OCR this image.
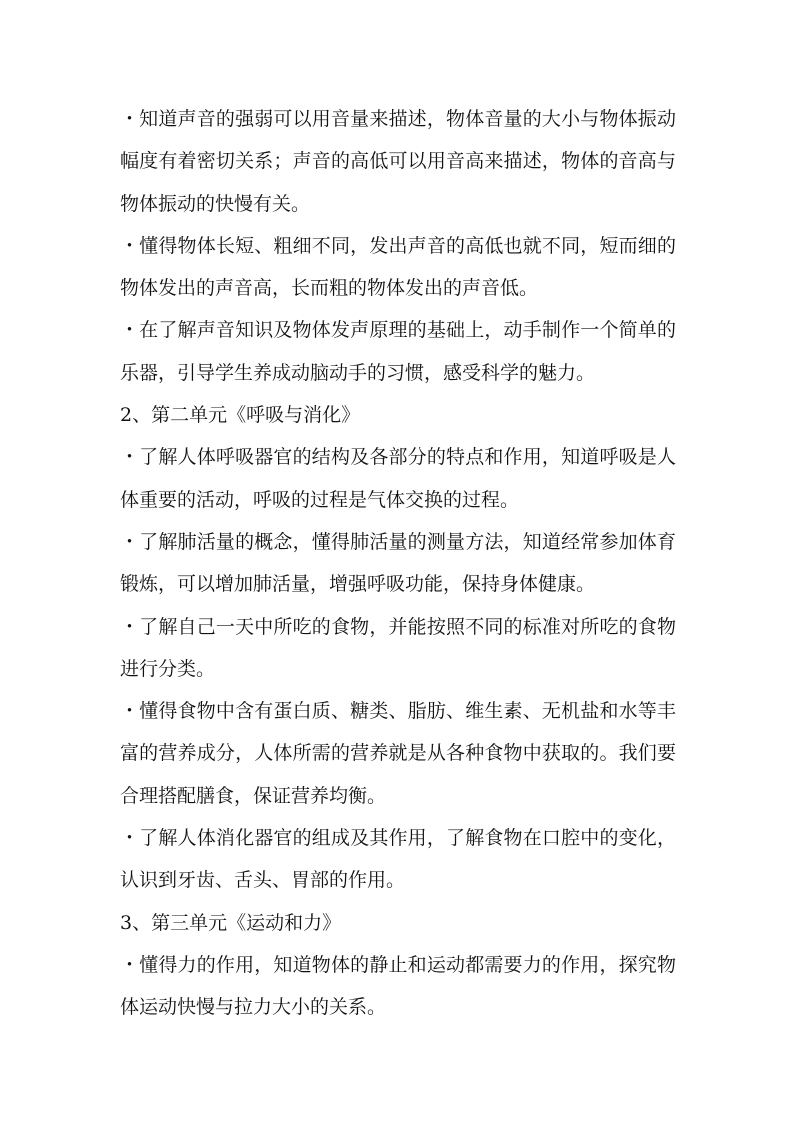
・知道声音的强弱可以用音量来描述，物体音量的大小与物体振动幅度有着密切关系；声音的高低可以用音高来描述，物体的音高与物体振动的快慢有关。

・懂得物体长短、粗细不同，发出声音的高低也就不同，短而细的物体发出的声音高，长而粗的物体发出的声音低。

・在了解声音知识及物体发声原理的基础上，动手制作一个简单的乐器，引导学生养成动脑动手的习惯，感受科学的魅力。

2、第二单元《呼吸与消化》

・了解人体呼吸器官的结构及各部分的特点和作用，知道呼吸是人体重要的活动，呼吸的过程是气体交换的过程。

・了解肺活量的概念，懂得肺活量的测量方法，知道经常参加体育锻炼，可以增加肺活量，增强呼吸功能，保持身体健康。

・了解自己一天中所吃的食物，并能按照不同的标准对所吃的食物进行分类。

・懂得食物中含有蛋白质、糖类、脂肪、维生素、无机盐和水等丰富的营养成分，人体所需的营养就是从各种食物中获取的。我们要合理搭配膳食，保证营养均衡。

・了解人体消化器官的组成及其作用，了解食物在口腔中的变化，认识到牙齿、舌头、胃部的作用。

3、第三单元《运动和力》

・懂得力的作用，知道物体的静止和运动都需要力的作用，探究物体运动快慢与拉力大小的关系。
